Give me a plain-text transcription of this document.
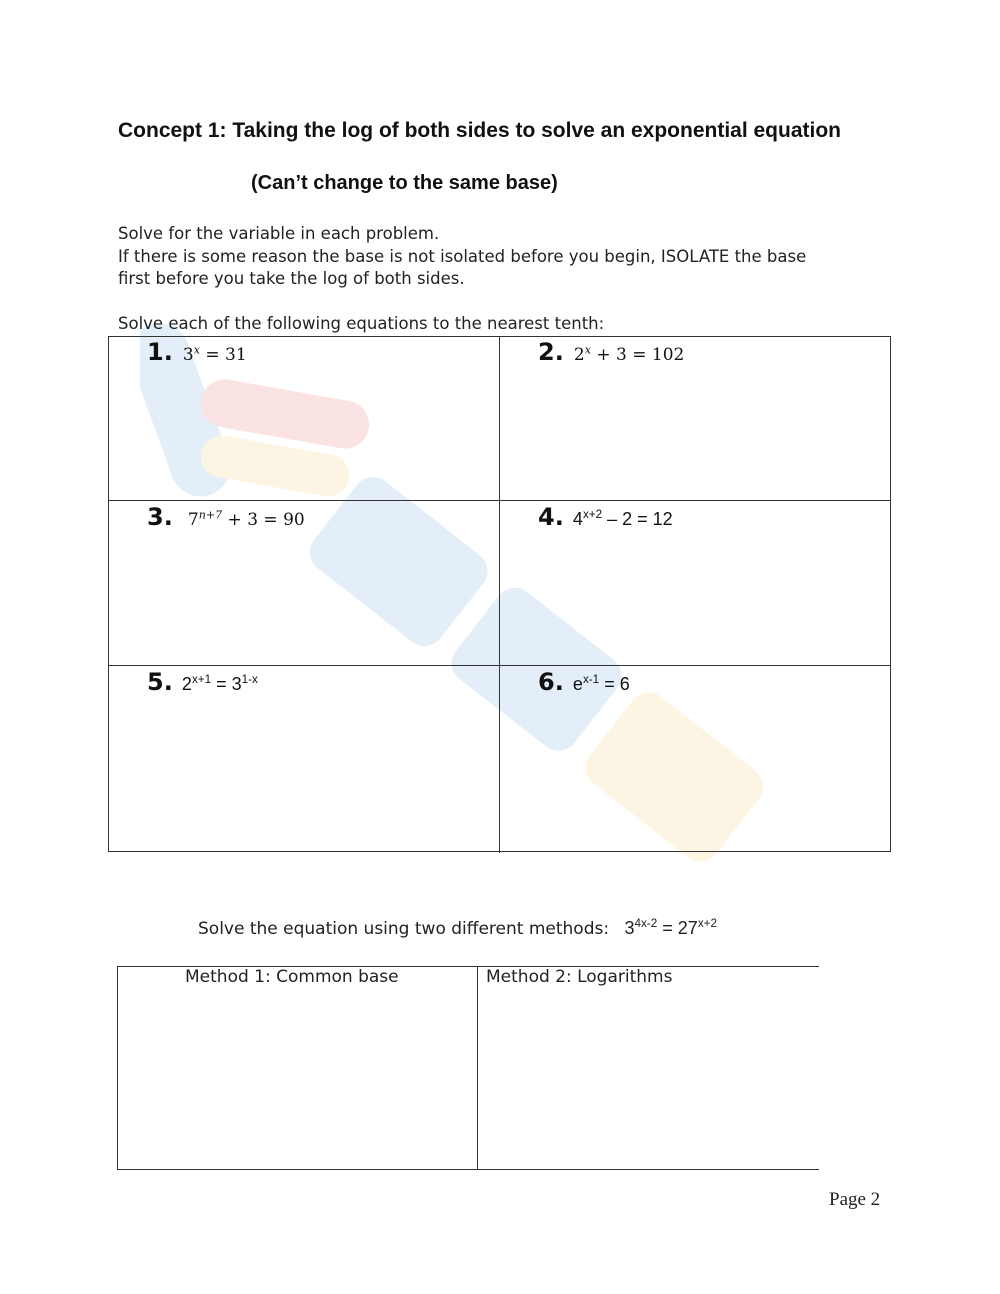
Concept 1: Taking the log of both sides to solve an exponential equation
(Can’t change to the same base)
Solve for the variable in each problem.
If there is some reason the base is not isolated before you begin, ISOLATE the base
first before you take the log of both sides.
Solve each of the following equations to the nearest tenth:
1. $3^x = 31$	2. $2^x + 3 = 102$
3. $7^{n+7} + 3 = 90$	4. $4^{x+2} - 2 = 12$
5. $2^{x+1} = 3^{1-x}$	6. $e^{x-1} = 6$
Solve the equation using two different methods: $3^{4x-2} = 27^{x+2}$
Method 1: Common base	Method 2: Logarithms
Page 2
